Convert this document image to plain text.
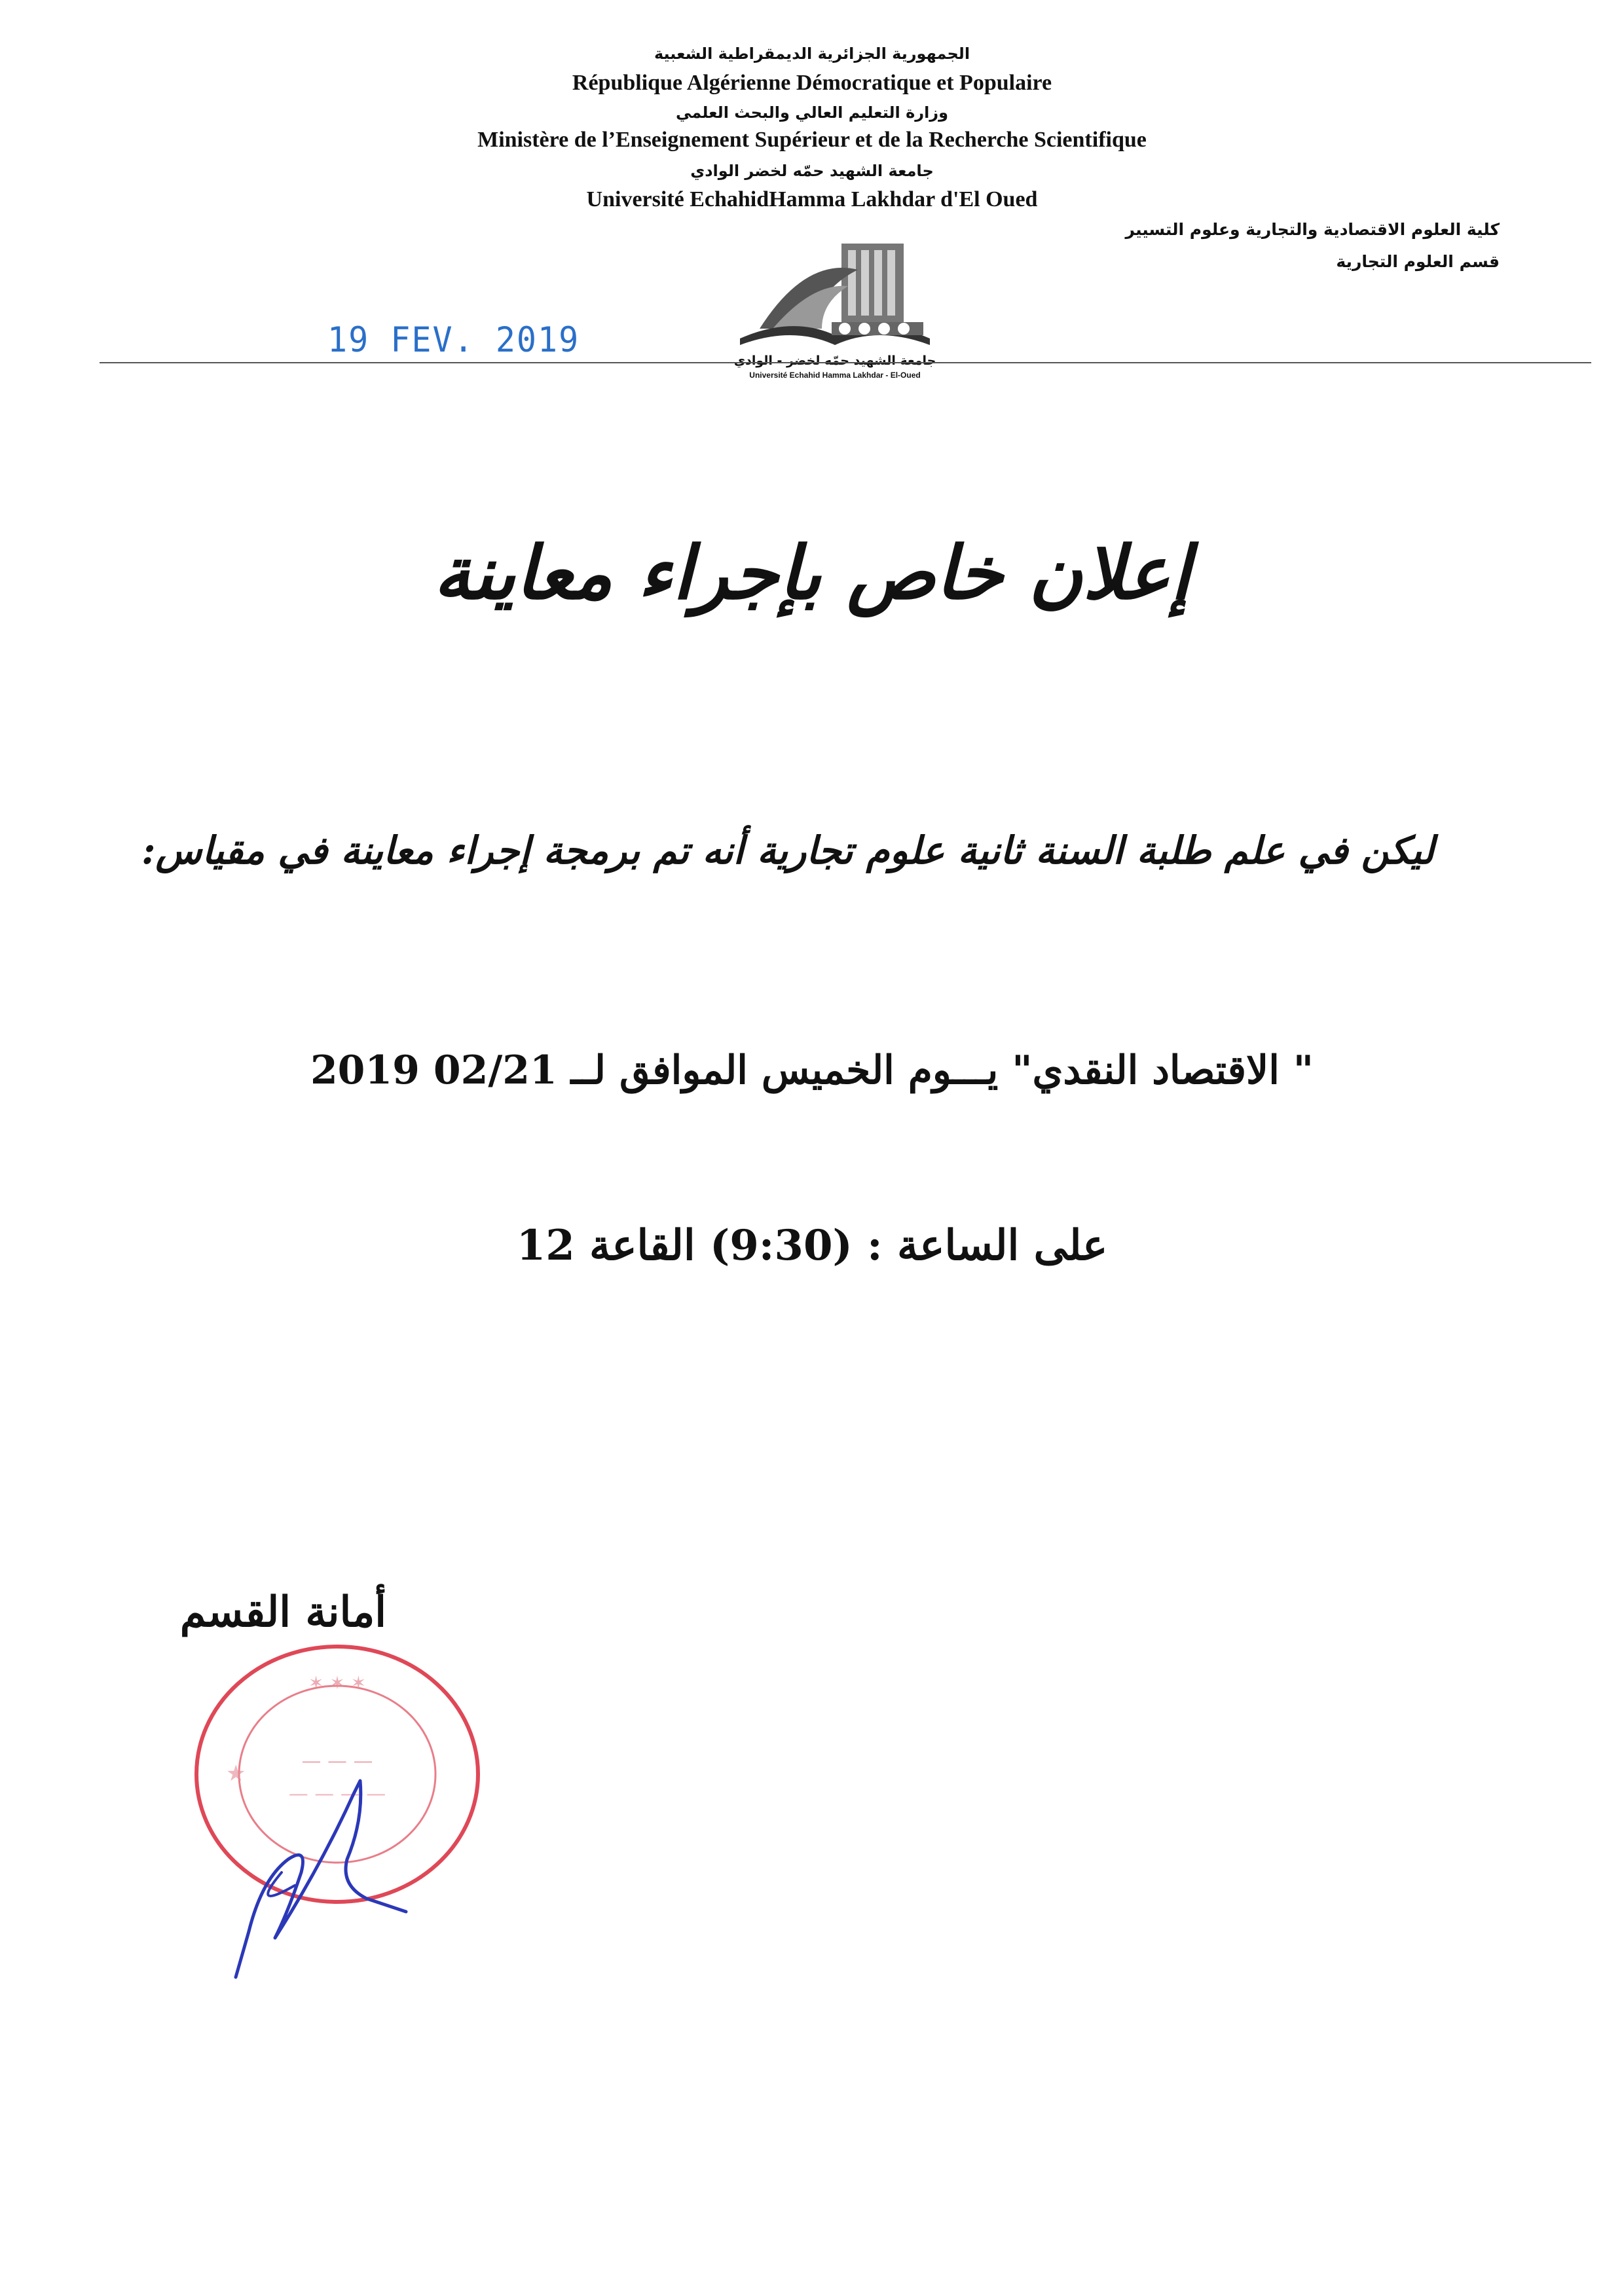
الجمهورية الجزائرية الديمقراطية الشعبية
République Algérienne Démocratique et Populaire
وزارة التعليم العالي والبحث العلمي
Ministère de l’Enseignement Supérieur et de la Recherche Scientifique
جامعة الشهيد حمّه لخضر الوادي
Université EchahidHamma Lakhdar d'El Oued
كلية العلوم الاقتصادية والتجارية وعلوم التسيير
قسم العلوم التجارية
جامعة الشهيد حمّه لخضر - الوادي
Université Echahid Hamma Lakhdar - El-Oued
19 FEV. 2019
إعلان خاص بإجراء معاينة
ليكن في علم طلبة السنة ثانية علوم تجارية أنه تم برمجة إجراء معاينة في مقياس:
" الاقتصاد النقدي" يـــوم الخميس الموافق لــ 02/21 2019
على الساعة : (9:30) القاعة 12
أمانة القسم
✶ ✶ ✶
— — —
— — — —
★
